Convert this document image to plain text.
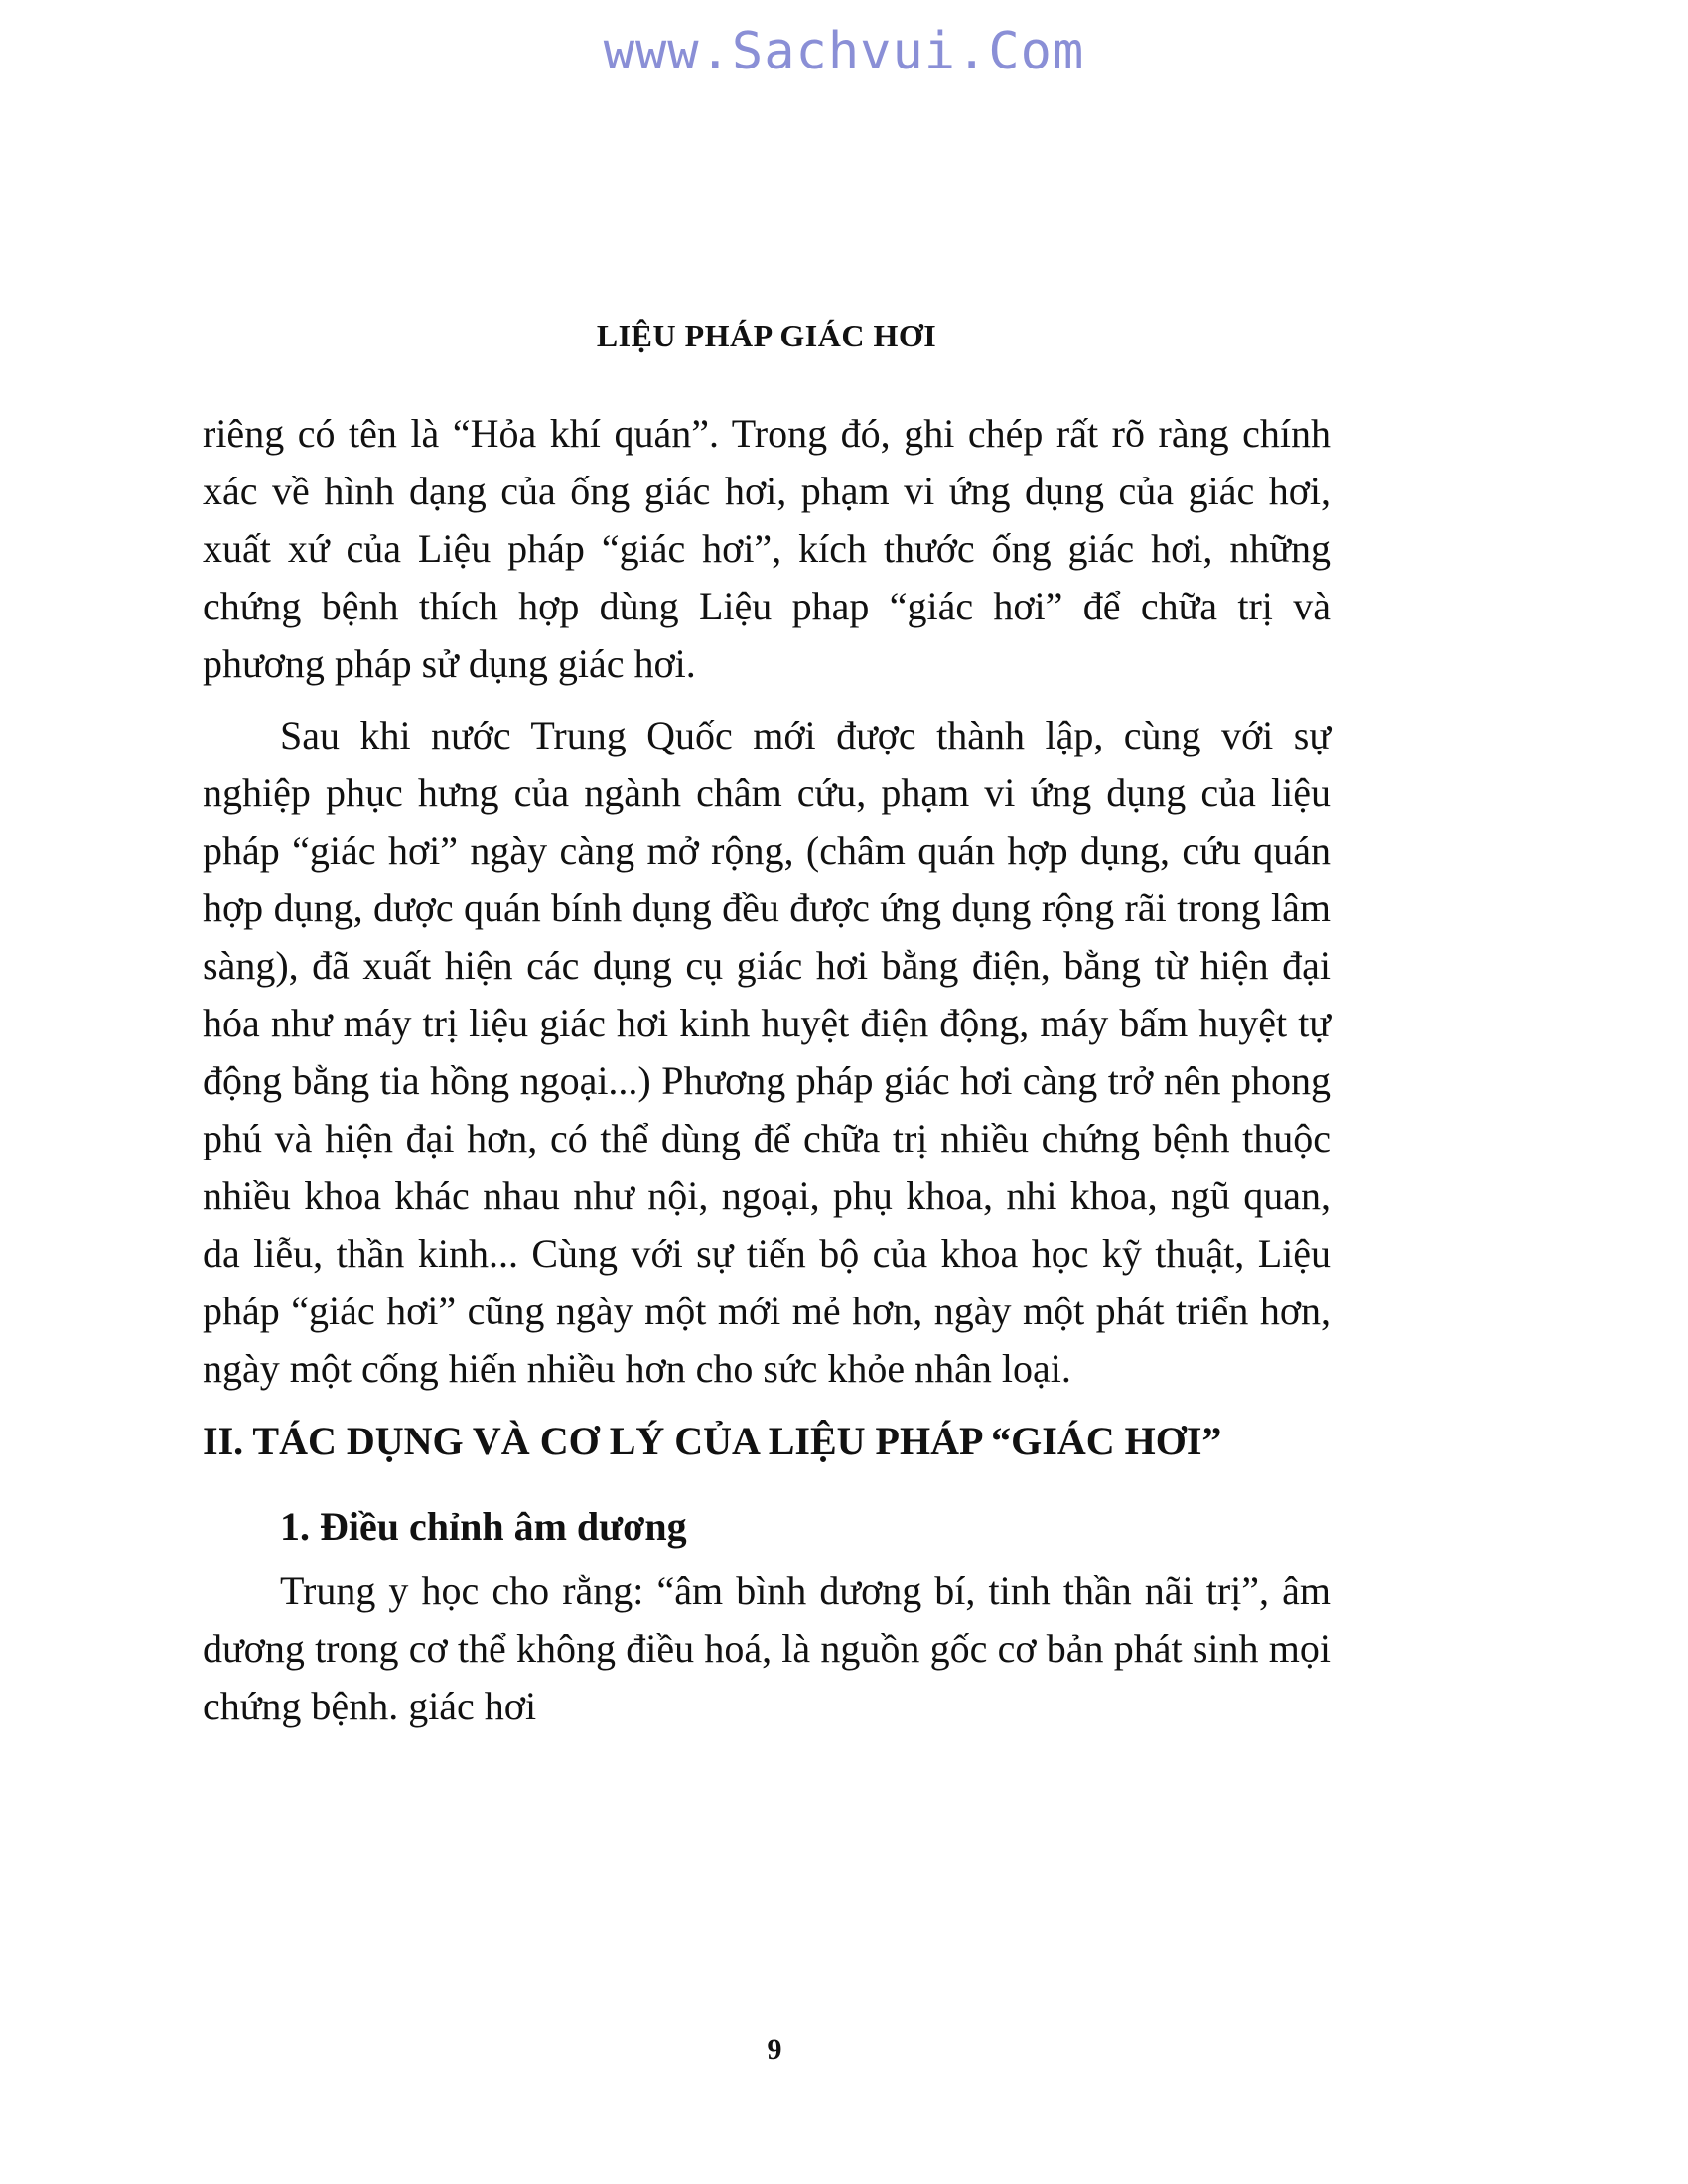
www.Sachvui.Com
LIỆU PHÁP GIÁC HƠI

riêng có tên là “Hỏa khí quán”. Trong đó, ghi chép rất rõ ràng chính xác về hình dạng của ống giác hơi, phạm vi ứng dụng của giác hơi, xuất xứ của Liệu pháp “giác hơi”, kích thước ống giác hơi, những chứng bệnh thích hợp dùng Liệu phap “giác hơi” để chữa trị và phương pháp sử dụng giác hơi.

Sau khi nước Trung Quốc mới được thành lập, cùng với sự nghiệp phục hưng của ngành châm cứu, phạm vi ứng dụng của liệu pháp “giác hơi” ngày càng mở rộng, (châm quán hợp dụng, cứu quán hợp dụng, dược quán bính dụng đều được ứng dụng rộng rãi trong lâm sàng), đã xuất hiện các dụng cụ giác hơi bằng điện, bằng từ hiện đại hóa như máy trị liệu giác hơi kinh huyệt điện động, máy bấm huyệt tự động bằng tia hồng ngoại...) Phương pháp giác hơi càng trở nên phong phú và hiện đại hơn, có thể dùng để chữa trị nhiều chứng bệnh thuộc nhiều khoa khác nhau như nội, ngoại, phụ khoa, nhi khoa, ngũ quan, da liễu, thần kinh... Cùng với sự tiến bộ của khoa học kỹ thuật, Liệu pháp “giác hơi” cũng ngày một mới mẻ hơn, ngày một phát triển hơn, ngày một cống hiến nhiều hơn cho sức khỏe nhân loại.

II. TÁC DỤNG VÀ CƠ LÝ CỦA LIỆU PHÁP “GIÁC HƠI”
1. Điều chỉnh âm dương

Trung y học cho rằng: “âm bình dương bí, tinh thần nãi trị”, âm dương trong cơ thể không điều hoá, là nguồn gốc cơ bản phát sinh mọi chứng bệnh. giác hơi

9
